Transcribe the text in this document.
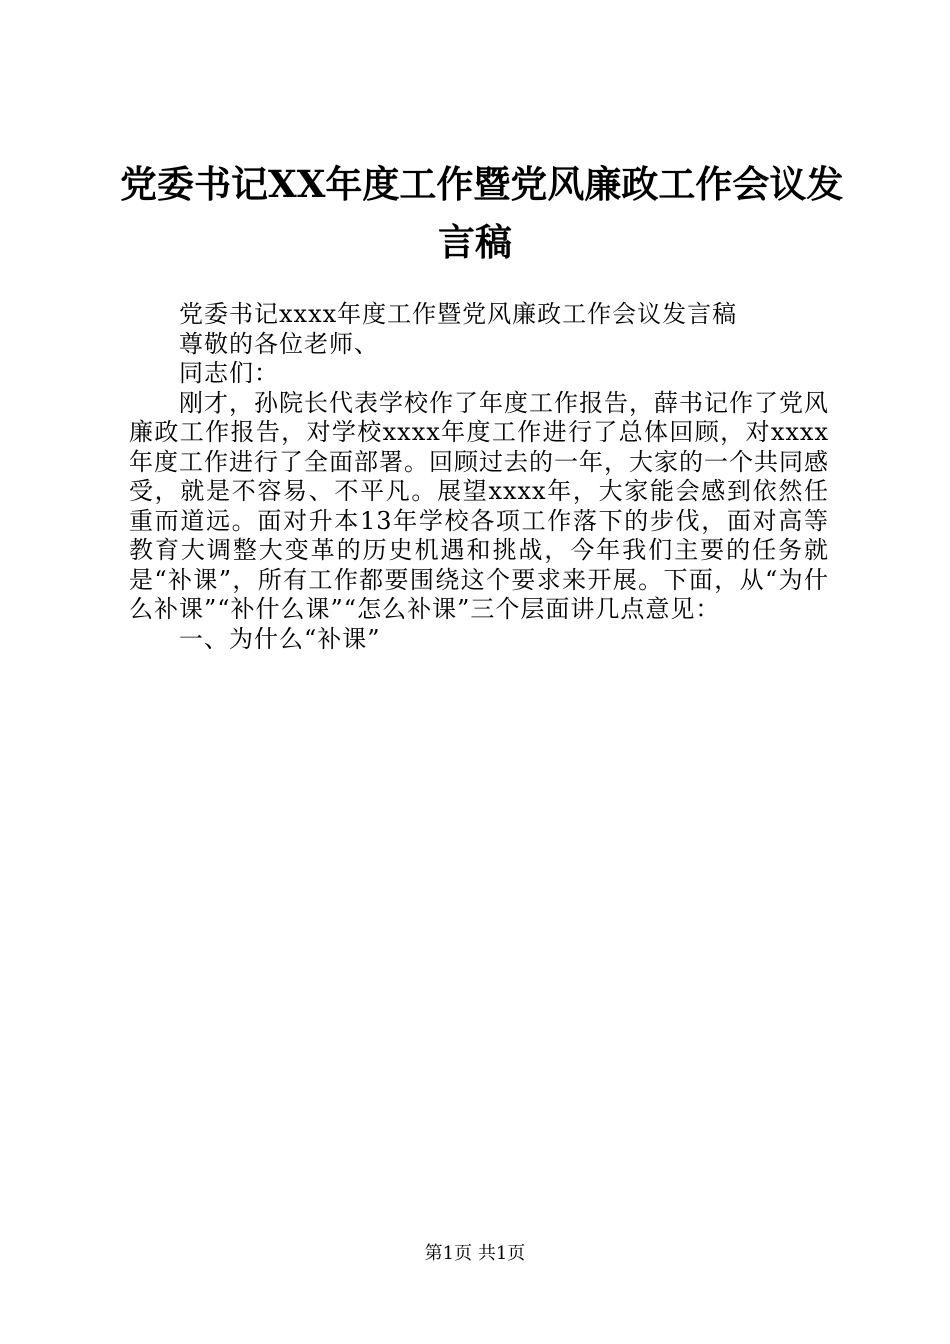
党委书记XX年度工作暨党风廉政工作会议发
言稿

党委书记xxxx年度工作暨党风廉政工作会议发言稿

尊敬的各位老师、

同志们：

刚才，孙院长代表学校作了年度工作报告，薛书记作了党风廉政工作报告，对学校xxxx年度工作进行了总体回顾，对xxxx年度工作进行了全面部署。回顾过去的一年，大家的一个共同感受，就是不容易、不平凡。展望xxxx年，大家能会感到依然任重而道远。面对升本13年学校各项工作落下的步伐，面对高等教育大调整大变革的历史机遇和挑战，今年我们主要的任务就是“补课”，所有工作都要围绕这个要求来开展。下面，从“为什么补课”“补什么课”“怎么补课”三个层面讲几点意见：

一、为什么“补课”

第1页 共1页
